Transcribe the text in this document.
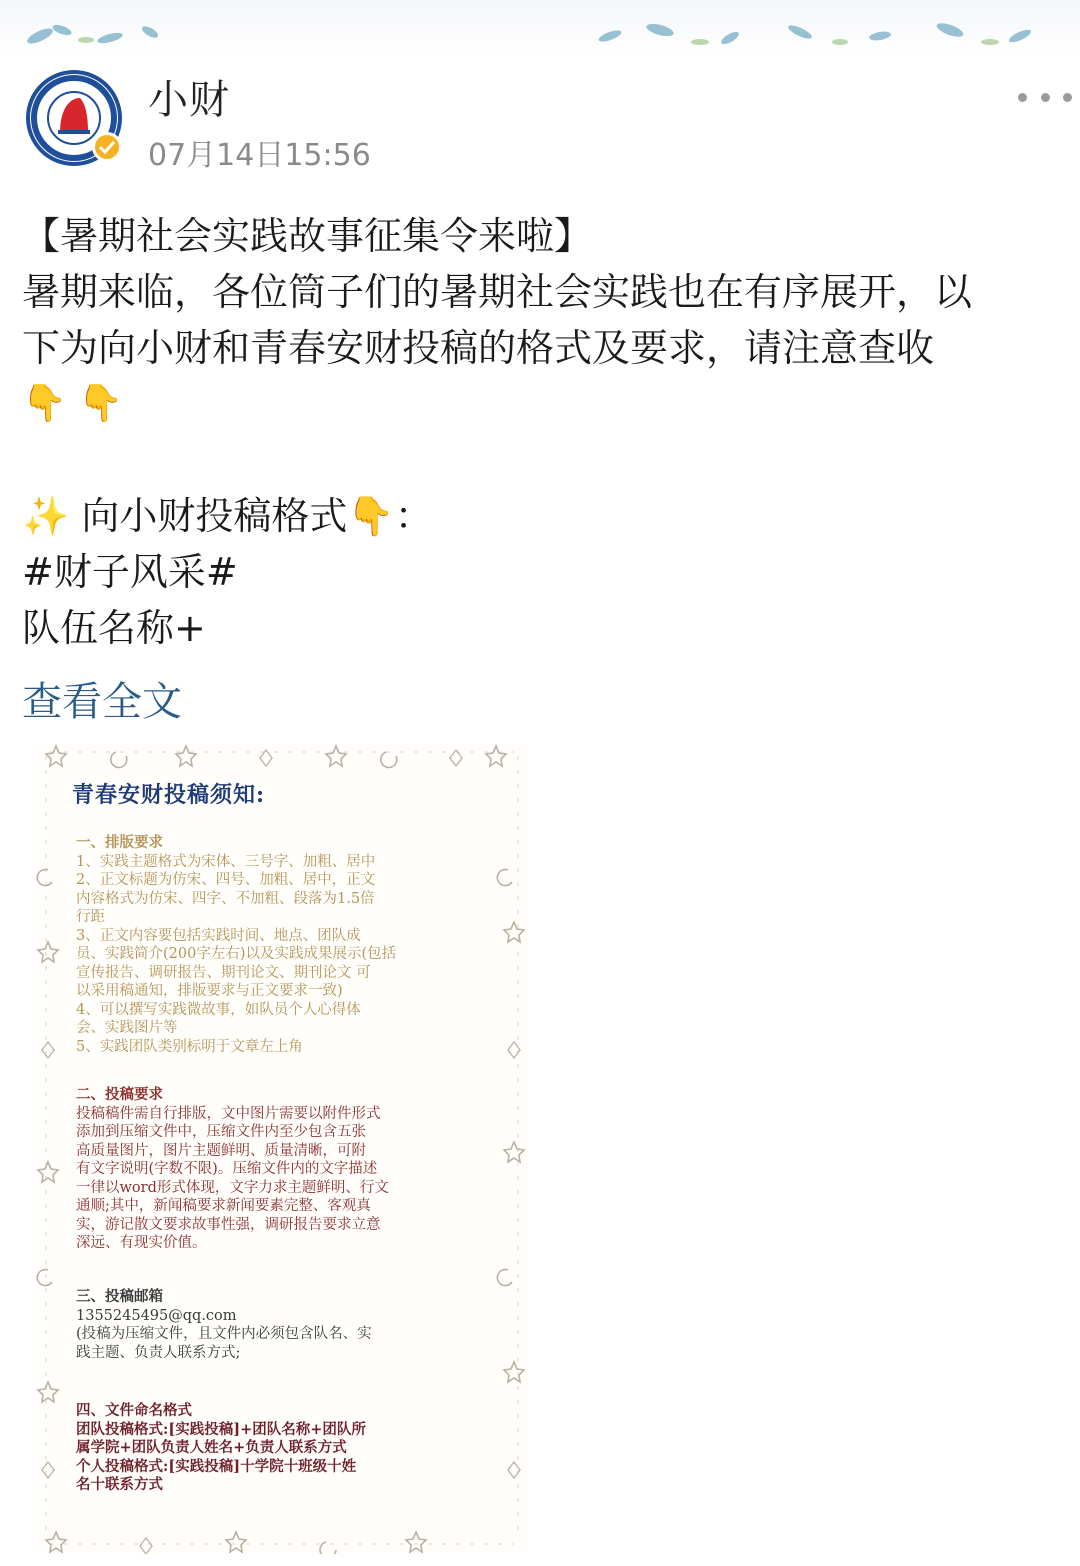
小财
07月14日15:56

【暑期社会实践故事征集令来啦】

暑期来临，各位筒子们的暑期社会实践也在有序展开，以

下为向小财和青春安财投稿的格式及要求，请注意查收

👇 👇

✨ 向小财投稿格式👇：

#财子风采#

队伍名称+

查看全文
青春安财投稿须知:

一、排版要求

1、实践主题格式为宋体、三号字、加粗、居中

2、正文标题为仿宋、四号、加粗、居中，正文

内容格式为仿宋、四字、不加粗、段落为1.5倍

行距

3、正文内容要包括实践时间、地点、团队成

员、实践简介(200字左右)以及实践成果展示(包括

宣传报告、调研报告、期刊论文、期刊论文 可

以采用稿通知，排版要求与正文要求一致)

4、可以撰写实践微故事，如队员个人心得体

会、实践图片等

5、实践团队类别标明于文章左上角

二、投稿要求

投稿稿件需自行排版，文中图片需要以附件形式

添加到压缩文件中，压缩文件内至少包含五张

高质量图片，图片主题鲜明、质量清晰，可附

有文字说明(字数不限)。压缩文件内的文字描述

一律以word形式体现，文字力求主题鲜明、行文

通顺;其中，新闻稿要求新闻要素完整、客观真

实，游记散文要求故事性强，调研报告要求立意

深远、有现实价值。

三、投稿邮箱

1355245495@qq.com

(投稿为压缩文件，且文件内必须包含队名、实

践主题、负责人联系方式;

四、文件命名格式

团队投稿格式:[实践投稿]+团队名称+团队所

属学院+团队负责人姓名+负责人联系方式

个人投稿格式:[实践投稿]十学院十班级十姓

名十联系方式
